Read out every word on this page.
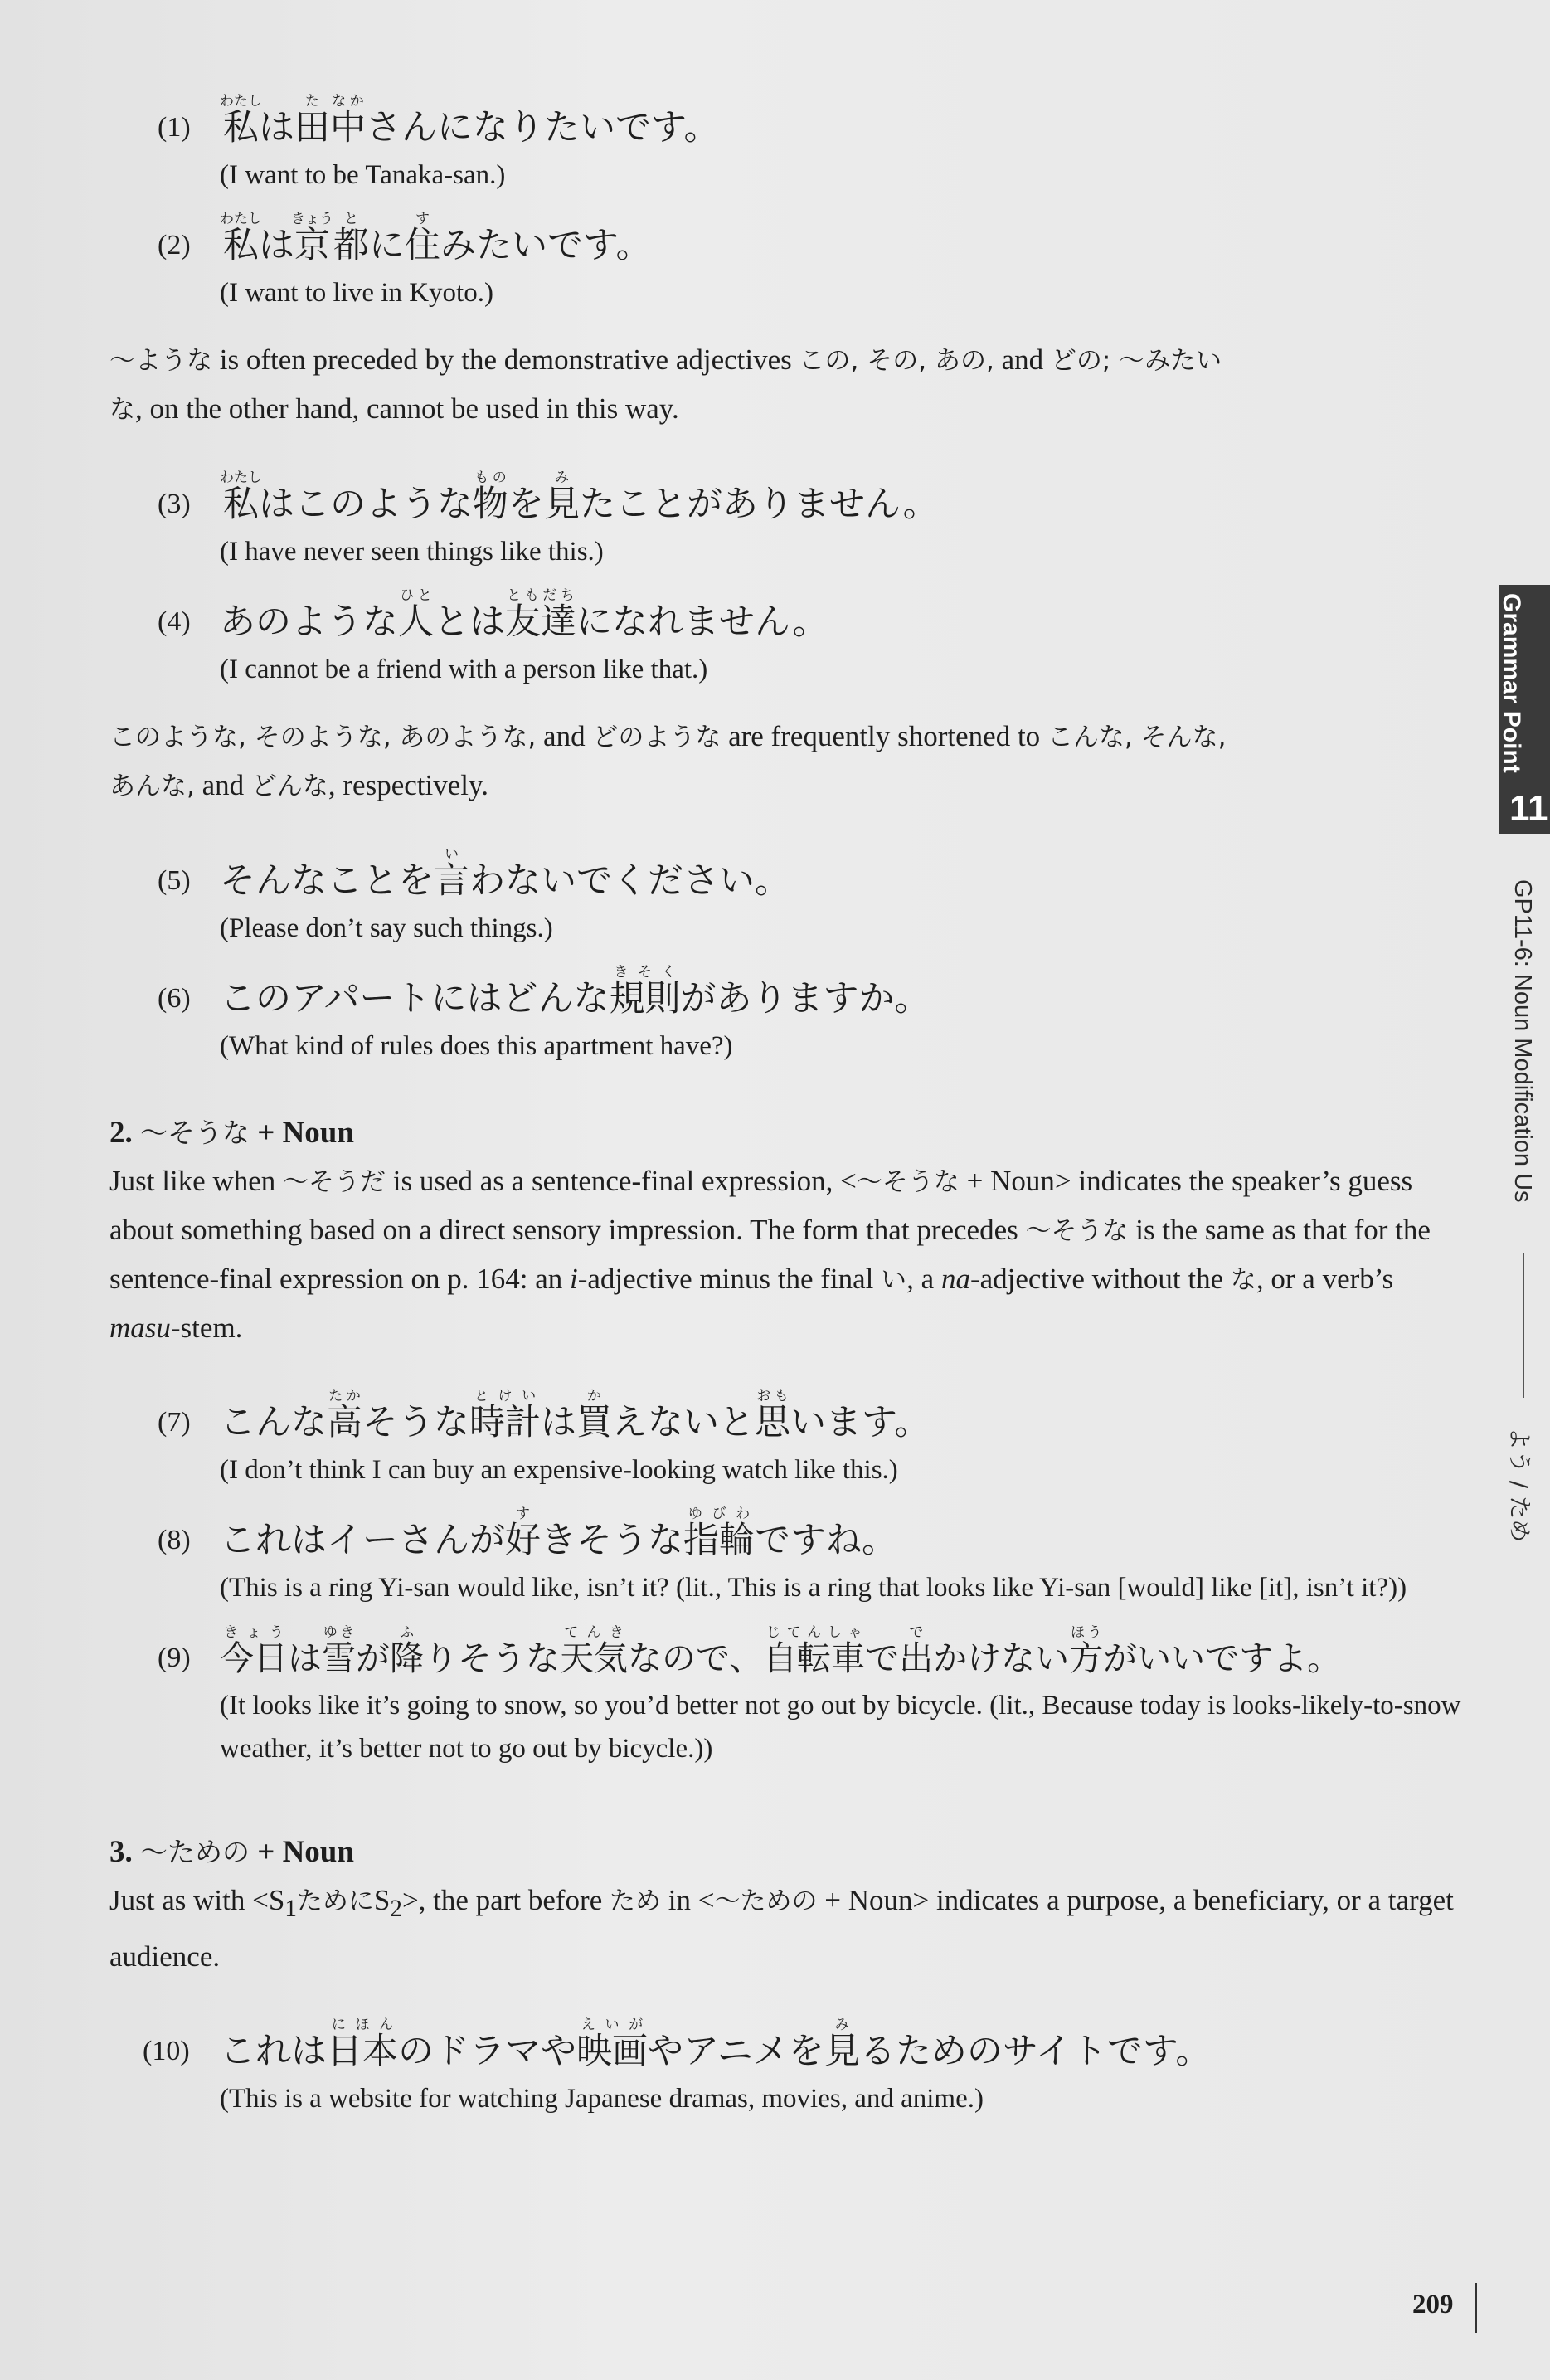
(1) 私わたしは田た中なかさんになりたいです。
(I want to be Tanaka-san.)
(2) 私わたしは京きょう都とに住すみたいです。
(I want to live in Kyoto.)
～ような is often preceded by the demonstrative adjectives この, その, あの, and どの; ～みたい
な, on the other hand, cannot be used in this way.
(3) 私わたしはこのような物ものを見みたことがありません。
(I have never seen things like this.)
(4) あのような人ひととは友達ともだちになれません。
(I cannot be a friend with a person like that.)
このような, そのような, あのような, and どのような are frequently shortened to こんな, そんな,
あんな, and どんな, respectively.
(5) そんなことを言いわないでください。
(Please don’t say such things.)
(6) このアパートにはどんな規則きそくがありますか。
(What kind of rules does this apartment have?)
2. ～そうな + Noun
Just like when ～そうだ is used as a sentence-final expression, <～そうな + Noun> indicates the speaker’s guess about something based on a direct sensory impression. The form that precedes ～そうな is the same as that for the sentence-final expression on p. 164: an i-adjective minus the final い, a na-adjective without the な, or a verb’s masu-stem.
(7) こんな高たかそうな時計とけいは買かえないと思おもいます。
(I don’t think I can buy an expensive-looking watch like this.)
(8) これはイーさんが好すきそうな指輪ゆびわですね。
(This is a ring Yi-san would like, isn’t it? (lit., This is a ring that looks like Yi-san [would] like [it], isn’t it?))
(9) 今日きょうは雪ゆきが降ふりそうな天気てんきなので、自転車じてんしゃで出でかけない方ほうがいいですよ。
(It looks like it’s going to snow, so you’d better not go out by bicycle. (lit., Because today is looks-likely-to-snow weather, it’s better not to go out by bicycle.))
3. ～ための + Noun
Just as with $<S_1$ために$S_2>$, the part before ため in <～ための + Noun> indicates a purpose, a beneficiary, or a target audience.
(10) これは日本にほんのドラマや映画えいがやアニメを見みるためのサイトです。
(This is a website for watching Japanese dramas, movies, and anime.)
Grammar Point
11
GP11-6: Noun Modification Us
よう / ため
209
